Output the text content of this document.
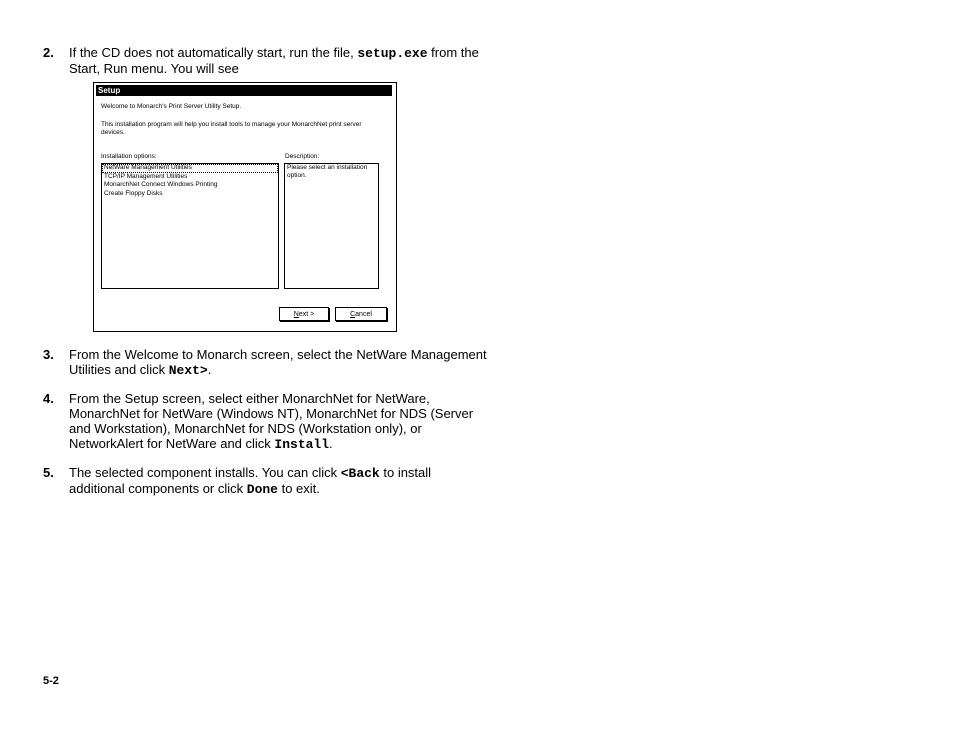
2. If the CD does not automatically start, run the file, setup.exe from the
Start, Run menu. You will see
Setup
Welcome to Monarch's Print Server Utility Setup.
This installation program will help you install tools to manage your MonarchNet print server
devices.
Installation options:
NetWare Management Utilities
TCP/IP Management Utilities
MonarchNet Connect Windows Printing
Create Floppy Disks
Description:
Please select an installation
option.
Next >	Cancel
3. From the Welcome to Monarch screen, select the NetWare Management
Utilities and click Next>.
4. From the Setup screen, select either MonarchNet for NetWare,
MonarchNet for NetWare (Windows NT), MonarchNet for NDS (Server
and Workstation), MonarchNet for NDS (Workstation only), or
NetworkAlert for NetWare and click Install.
5. The selected component installs. You can click <Back to install
additional components or click Done to exit.
5-2
